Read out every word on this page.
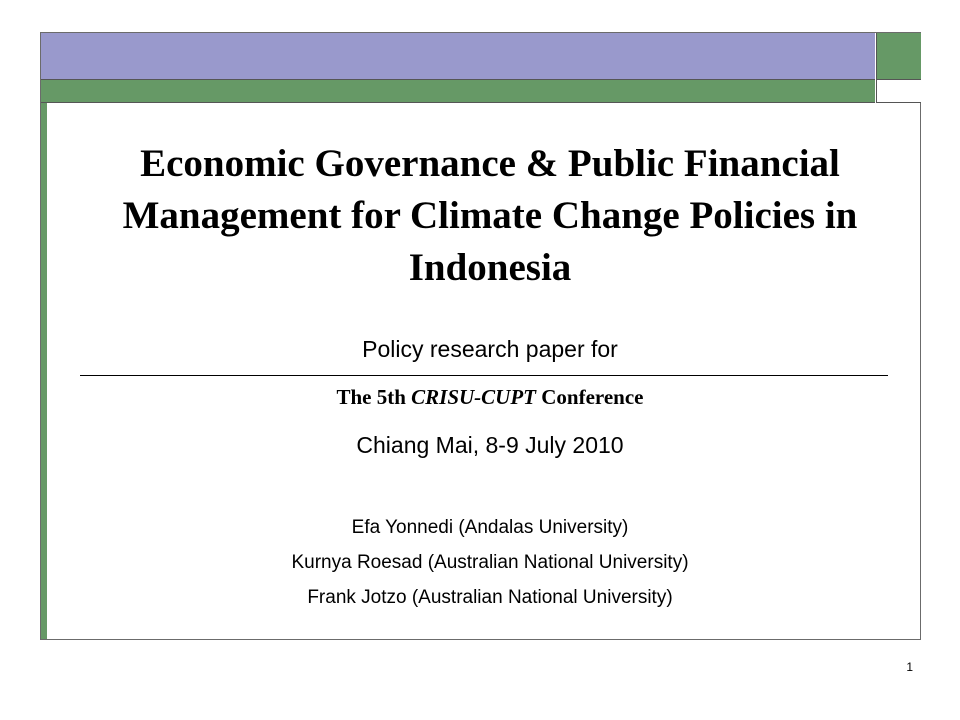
Economic Governance & Public Financial Management for Climate Change Policies in Indonesia
Policy research paper for
The 5th CRISU-CUPT Conference
Chiang Mai, 8-9 July 2010
Efa Yonnedi (Andalas University)
Kurnya Roesad (Australian National University)
Frank Jotzo (Australian National University)
1
